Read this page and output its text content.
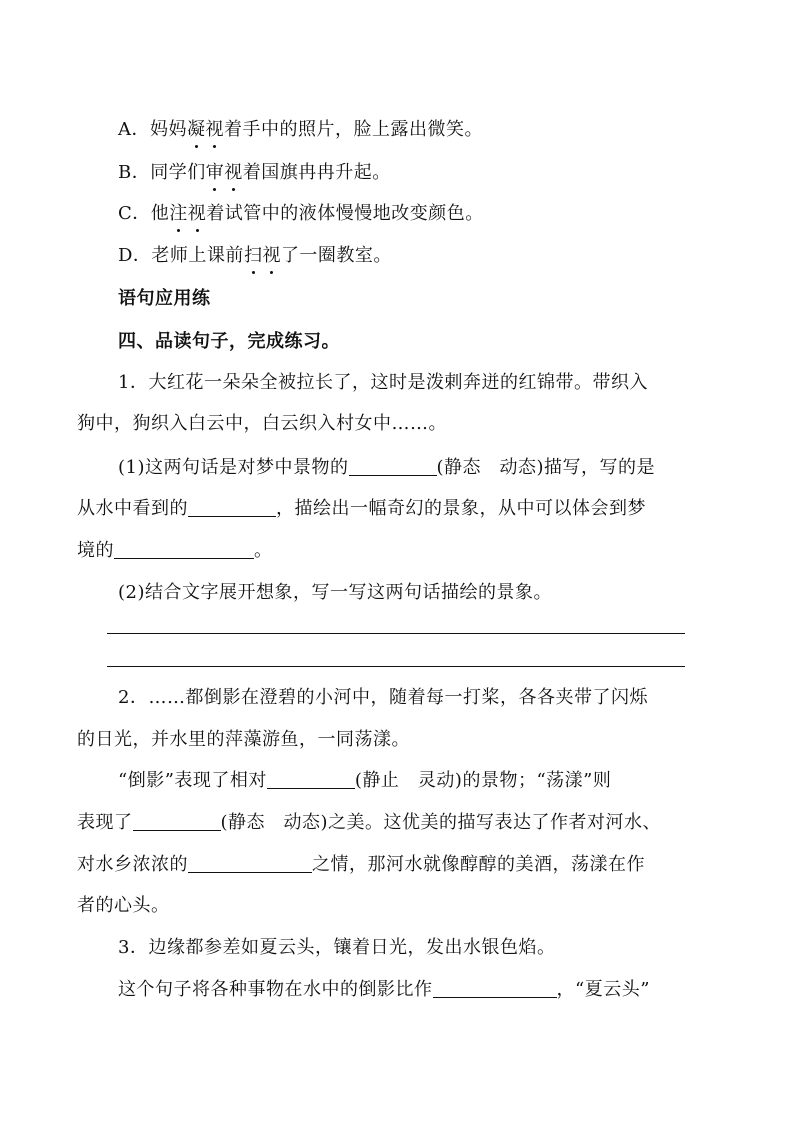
A．妈妈凝视着手中的照片，脸上露出微笑。
B．同学们审视着国旗冉冉升起。
C．他注视着试管中的液体慢慢地改变颜色。
D．老师上课前扫视了一圈教室。
语句应用练
四、品读句子，完成练习。
1．大红花一朵朵全被拉长了，这时是泼剌奔迸的红锦带。带织入
狗中，狗织入白云中，白云织入村女中……。
(1)这两句话是对梦中景物的	(静态　动态)描写，写的是
从水中看到的	，描绘出一幅奇幻的景象，从中可以体会到梦
境的	。
(2)结合文字展开想象，写一写这两句话描绘的景象。
2．……都倒影在澄碧的小河中，随着每一打桨，各各夹带了闪烁
的日光，并水里的萍藻游鱼，一同荡漾。
“倒影”表现了相对	(静止　灵动)的景物；“荡漾”则
表现了	(静态　动态)之美。这优美的描写表达了作者对河水、
对水乡浓浓的	之情，那河水就像醇醇的美酒，荡漾在作
者的心头。
3．边缘都参差如夏云头，镶着日光，发出水银色焰。
这个句子将各种事物在水中的倒影比作	，“夏云头”
